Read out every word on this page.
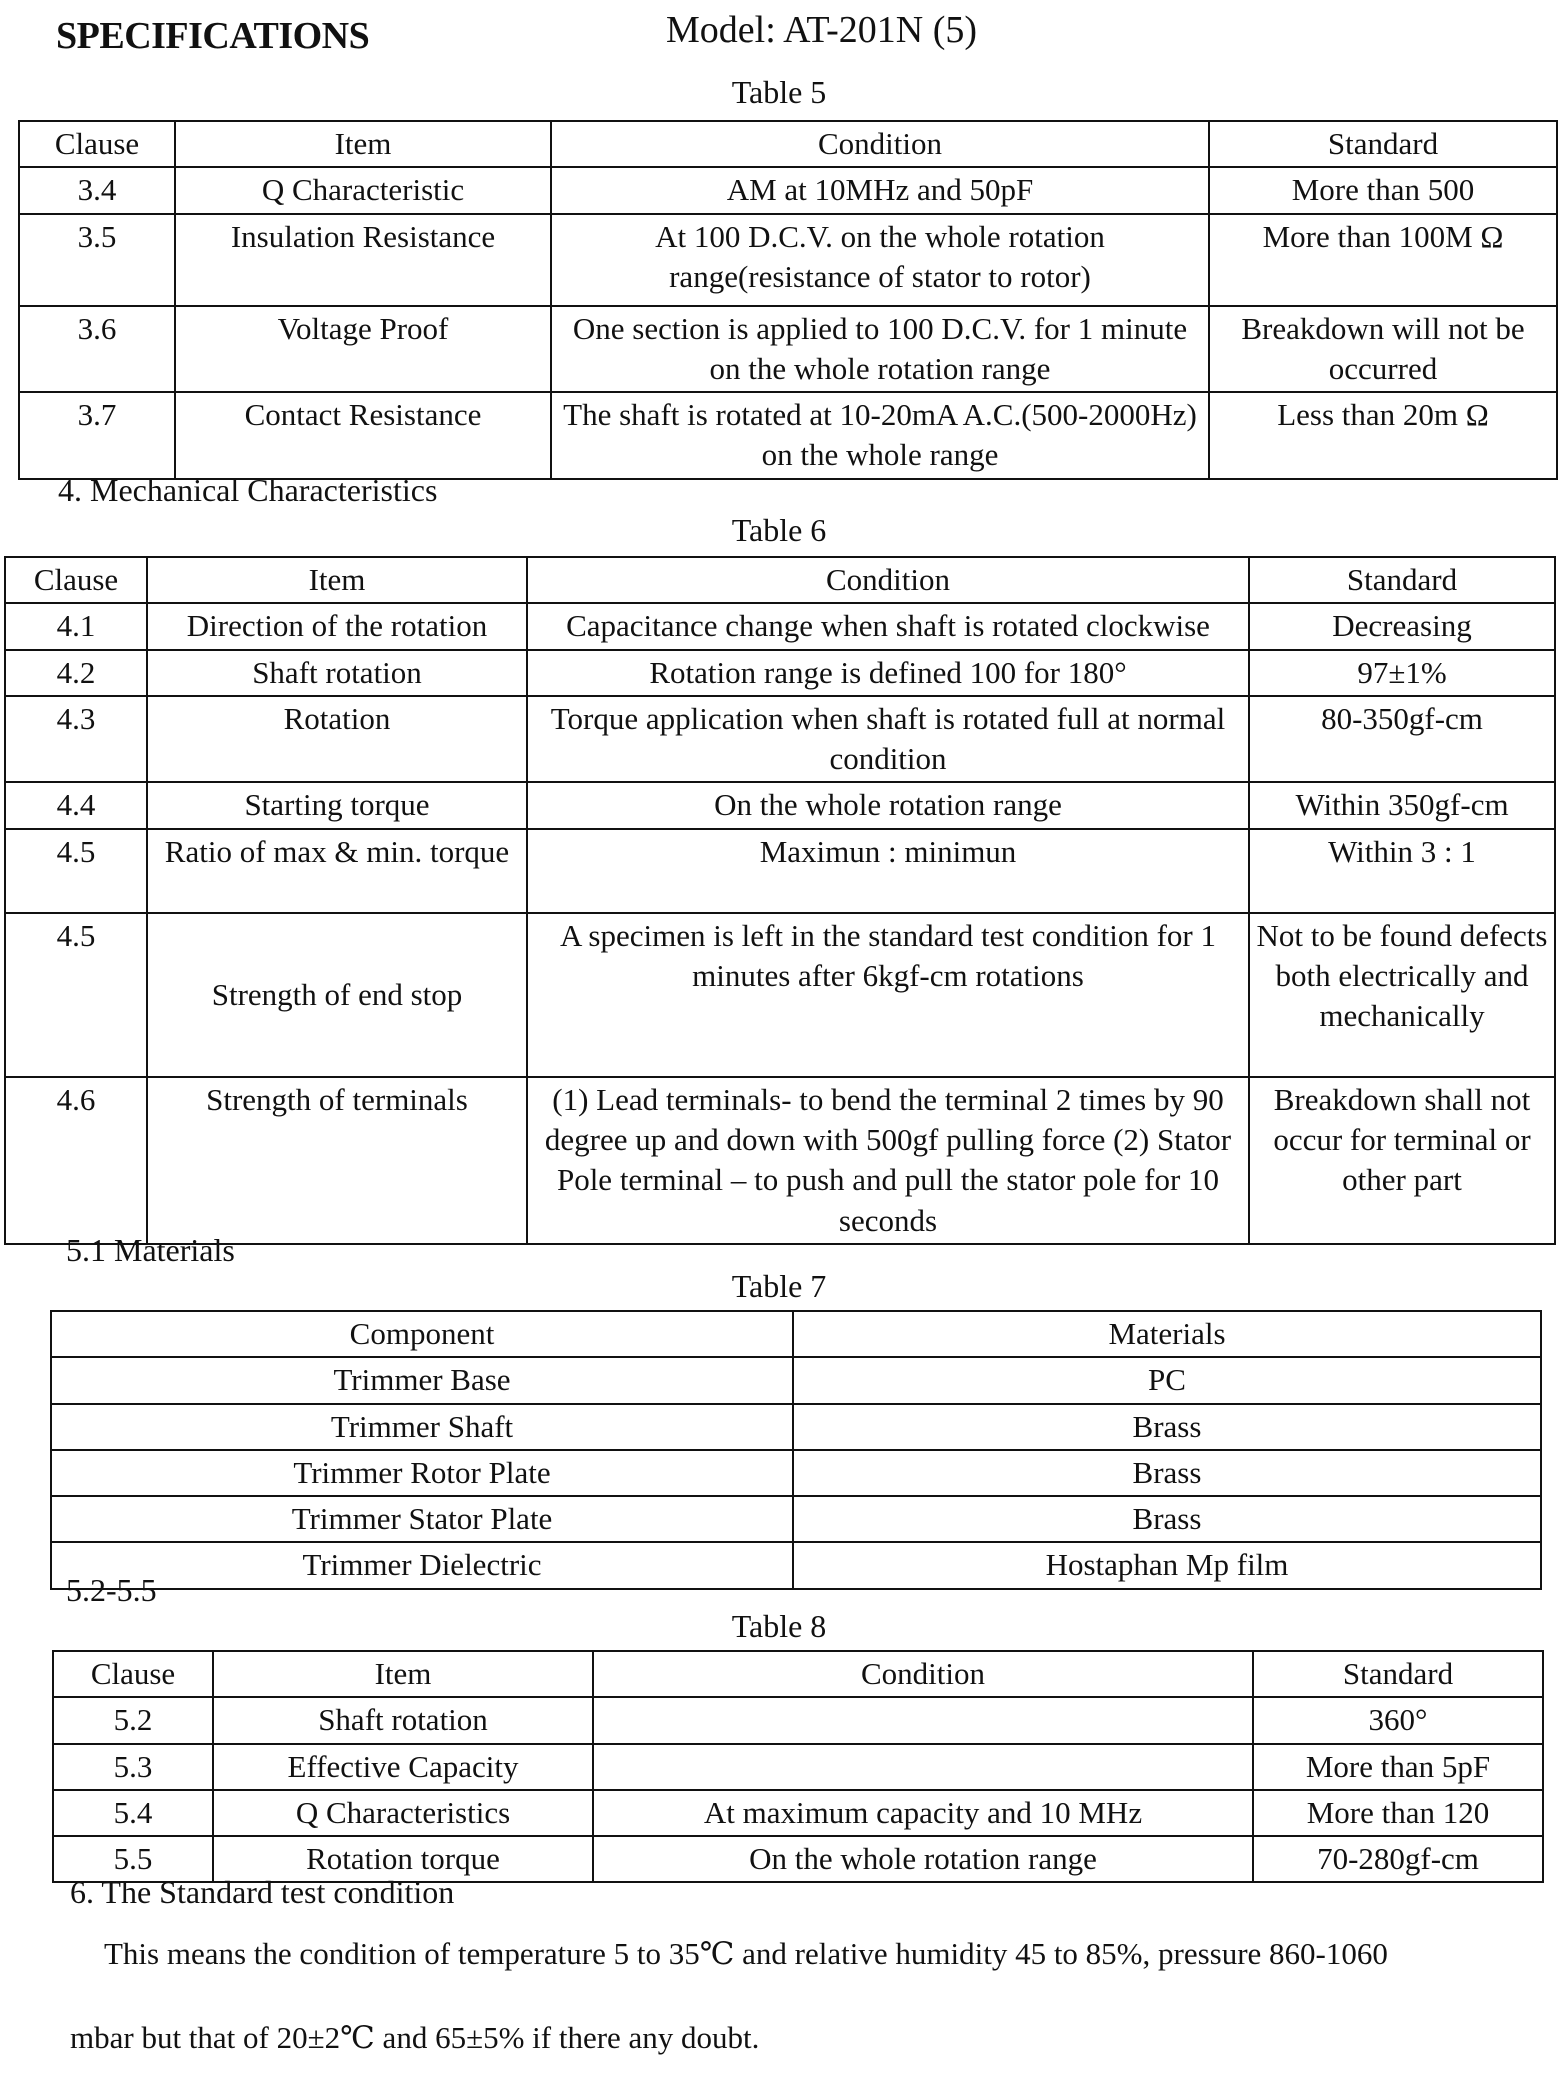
SPECIFICATIONS	Model: AT-201N (5)
Table 5
Clause	Item	Condition	Standard
3.4	Q Characteristic	AM at 10MHz and 50pF	More than 500
3.5	Insulation Resistance	At 100 D.C.V. on the whole rotation range(resistance of stator to rotor)	More than 100M Ω
3.6	Voltage Proof	One section is applied to 100 D.C.V. for 1 minute on the whole rotation range	Breakdown will not be occurred
3.7	Contact Resistance	The shaft is rotated at 10-20mA A.C.(500-2000Hz) on the whole range	Less than 20m Ω
4. Mechanical Characteristics
Table 6
Clause	Item	Condition	Standard
4.1	Direction of the rotation	Capacitance change when shaft is rotated clockwise	Decreasing
4.2	Shaft rotation	Rotation range is defined 100 for 180°	97±1%
4.3	Rotation	Torque application when shaft is rotated full at normal condition	80-350gf-cm
4.4	Starting torque	On the whole rotation range	Within 350gf-cm
4.5	Ratio of max & min. torque	Maximun : minimun	Within 3 : 1
4.5	Strength of end stop	A specimen is left in the standard test condition for 1 minutes after 6kgf-cm rotations	Not to be found defects both electrically and mechanically
4.6	Strength of terminals	(1) Lead terminals- to bend the terminal 2 times by 90 degree up and down with 500gf pulling force (2) Stator Pole terminal – to push and pull the stator pole for 10 seconds	Breakdown shall not occur for terminal or other part
5.1 Materials
Table 7
Component	Materials
Trimmer Base	PC
Trimmer Shaft	Brass
Trimmer Rotor Plate	Brass
Trimmer Stator Plate	Brass
Trimmer Dielectric	Hostaphan Mp film
5.2-5.5
Table 8
Clause	Item	Condition	Standard
5.2	Shaft rotation		360°
5.3	Effective Capacity		More than 5pF
5.4	Q Characteristics	At maximum capacity and 10 MHz	More than 120
5.5	Rotation torque	On the whole rotation range	70-280gf-cm
6. The Standard test condition
This means the condition of temperature 5 to 35℃ and relative humidity 45 to 85%, pressure 860-1060
mbar but that of 20±2℃ and 65±5% if there any doubt.
